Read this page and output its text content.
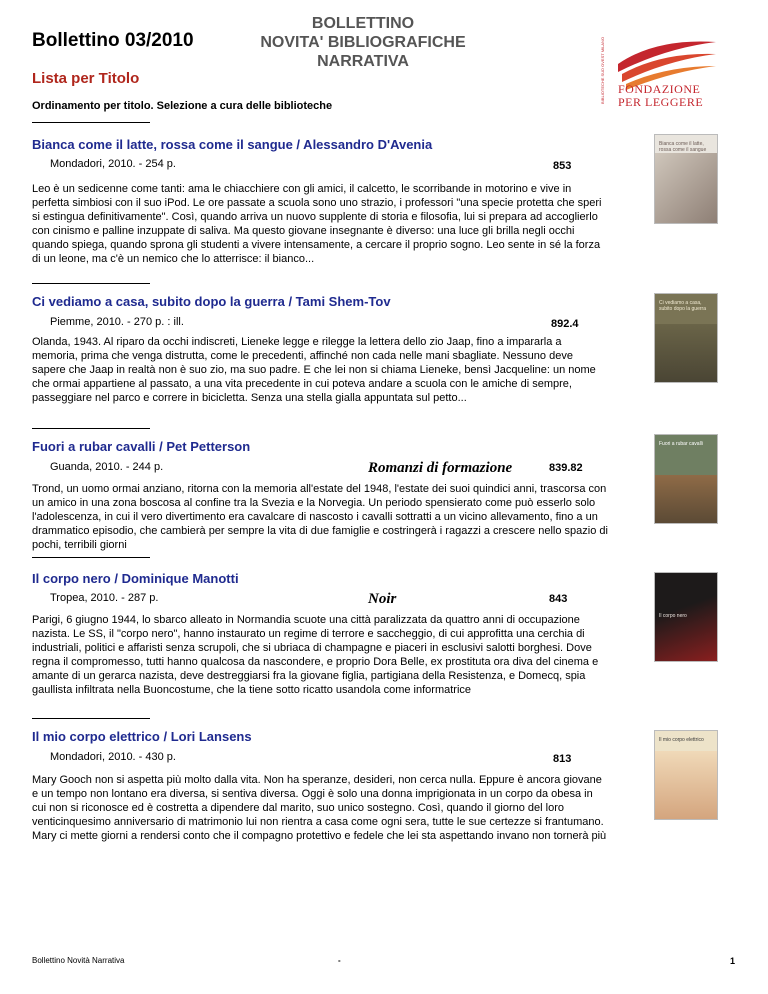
Bollettino 03/2010
Lista per Titolo
BOLLETTINO
NOVITA' BIBLIOGRAFICHE
NARRATIVA	BIBLIOTECHE SUD OVEST MILANO FONDAZIONE
PER LEGGERE
Ordinamento per titolo. Selezione a cura delle biblioteche
Bianca come il latte, rossa come il sangue / Alessandro D'Avenia
Mondadori, 2010. - 254 p.	853
Leo è un sedicenne come tanti: ama le chiacchiere con gli amici, il calcetto, le scorribande in motorino e vive in perfetta simbiosi con il suo iPod. Le ore passate a scuola sono uno strazio, i professori "una specie protetta che speri si estingua definitivamente". Così, quando arriva un nuovo supplente di storia e filosofia, lui si prepara ad accoglierlo con cinismo e palline inzuppate di saliva. Ma questo giovane insegnante è diverso: una luce gli brilla negli occhi quando spiega, quando sprona gli studenti a vivere intensamente, a cercare il proprio sogno. Leo sente in sé la forza di un leone, ma c'è un nemico che lo atterrisce: il bianco...
Bianca come il latte, rossa come il sangue
Ci vediamo a casa, subito dopo la guerra / Tami Shem-Tov
Piemme, 2010. - 270 p. : ill.	892.4
Olanda, 1943. Al riparo da occhi indiscreti, Lieneke legge e rilegge la lettera dello zio Jaap, fino a impararla a memoria, prima che venga distrutta, come le precedenti, affinché non cada nelle mani sbagliate. Nessuno deve sapere che Jaap in realtà non è suo zio, ma suo padre. E che lei non si chiama Lieneke, bensì Jacqueline: un nome che ormai appartiene al passato, a una vita precedente in cui poteva andare a scuola con le amiche di sempre, passeggiare nel parco e correre in bicicletta. Senza una stella gialla appuntata sul petto...
Ci vediamo a casa, subito dopo la guerra
Fuori a rubar cavalli / Pet Petterson
Guanda, 2010. - 244 p.	Romanzi di formazione	839.82
Trond, un uomo ormai anziano, ritorna con la memoria all'estate del 1948, l'estate dei suoi quindici anni, trascorsa con un amico in una zona boscosa al confine tra la Svezia e la Norvegia. Un periodo spensierato come può esserlo solo l'adolescenza, in cui il vero divertimento era cavalcare di nascosto i cavalli sottratti a un vicino allevamento, fino a un drammatico episodio, che cambierà per sempre la vita di due famiglie e costringerà i ragazzi a crescere nello spazio di pochi, terribili giorni
Fuori a rubar cavalli
Il corpo nero / Dominique Manotti
Tropea, 2010. - 287 p.	Noir	843
Parigi, 6 giugno 1944, lo sbarco alleato in Normandia scuote una città paralizzata da quattro anni di occupazione nazista. Le SS, il "corpo nero", hanno instaurato un regime di terrore e saccheggio, di cui approfitta una cerchia di industriali, politici e affaristi senza scrupoli, che si ubriaca di champagne e piaceri in esclusivi salotti borghesi. Dove regna il compromesso, tutti hanno qualcosa da nascondere, e proprio Dora Belle, ex prostituta ora diva del cinema e amante di un gerarca nazista, deve destreggiarsi fra la giovane figlia, partigiana della Resistenza, e Domecq, spia gaullista infiltrata nella Buoncostume, che la tiene sotto ricatto usandola come informatrice
Il corpo nero
Il mio corpo elettrico / Lori Lansens
Mondadori, 2010. - 430 p.	813
Mary Gooch non si aspetta più molto dalla vita. Non ha speranze, desideri, non cerca nulla. Eppure è ancora giovane e un tempo non lontano era diversa, si sentiva diversa. Oggi è solo una donna imprigionata in un corpo da obesa in cui non si riconosce ed è costretta a dipendere dal marito, suo unico sostegno. Così, quando il giorno del loro venticinquesimo anniversario di matrimonio lui non rientra a casa come ogni sera, tutte le sue certezze si frantumano. Mary ci mette giorni a rendersi conto che il compagno protettivo e fedele che lei sta aspettando invano non tornerà più
Il mio corpo elettrico
Bollettino Novità Narrativa	-	1
